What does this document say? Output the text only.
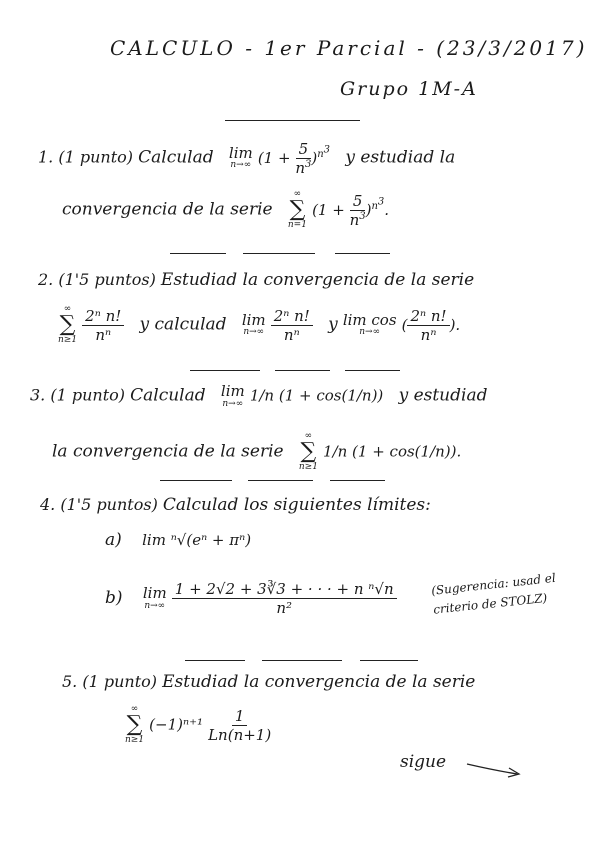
CALCULO - 1er Parcial - (23/3/2017)
Grupo 1M-A
1. (1 punto) Calculad lim
n→∞ $(1 + \frac{5}{n^3} )^{n^3}$ y estudiad la
convergencia de la serie
∞
∑
n=1
$(1 + \frac{5}{n^3} )^{n^3}$.
2. (1'5 puntos) Estudiad la convergencia de la serie
∞
∑
n≥1
$\frac{\text{2ⁿ n!}}{\text{nⁿ}}$ y calculad lim
n→∞
$\frac{\text{2ⁿ n!}}{\text{nⁿ}}$ y lim cos
n→∞ ( $\frac{\text{2ⁿ n!}}{\text{nⁿ}}$ ).
3. (1 punto) Calculad lim
n→∞ 1/n (1 + cos(1/n)) y estudiad
la convergencia de la serie
∞
∑
n≥1
1/n (1 + cos(1/n)).
4. (1'5 puntos) Calculad los siguientes límites:
a) lim ⁿ√(eⁿ + πⁿ)
b) lim
n→∞
$\frac{\text{1 + 2√2 + 3∛3 + · · · + n ⁿ√n}}{\text{n²}}$	(Sugerencia: usad el criterio de STOLZ)
5. (1 punto) Estudiad la convergencia de la serie
∞
∑
n≥1
$(-1)^{n+1} \frac{1}{Ln(n+1)}$
sigue
